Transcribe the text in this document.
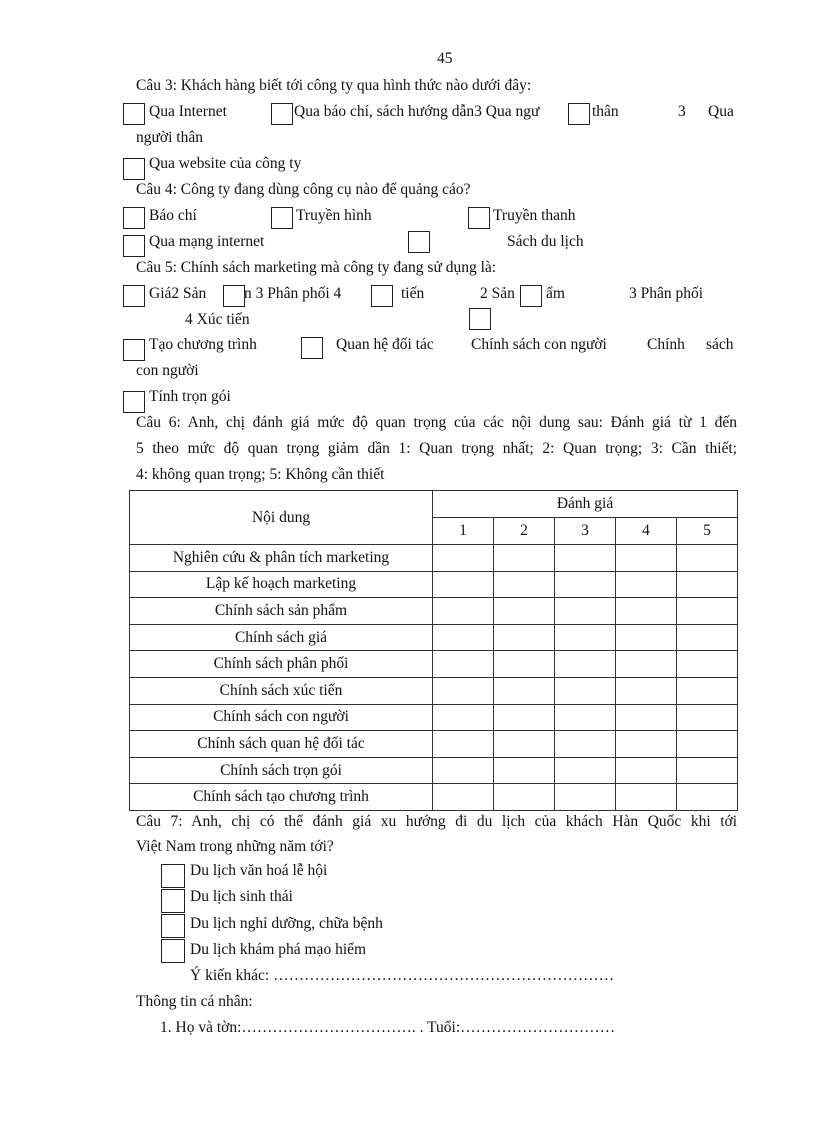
45
Câu 3: Khách hàng biết tới công ty qua hình thức nào dưới đây:
Qua Internet	Qua báo chí, sách hướng dẫn3 Qua ngư	thân	3 Qua
người thân
Qua website của công ty
Câu 4: Công ty đang dùng công cụ nào để quảng cáo?
Báo chí	Truyền hình	Truyền thanh
Qua mạng internet	Sách du lịch
Câu 5: Chính sách marketing mà công ty đang sử dụng là:
Giá2 Sản n 3 Phân phối 4	tiến	2 Sản ẩm	3 Phân phối
4 Xúc tiến
Tạo chương trình	Quan hệ đối tác Chính sách con người	Chính sách
con người
Tính trọn gói
Câu 6: Anh, chị đánh giá mức độ quan trọng của các nội dung sau: Đánh giá từ 1 đến
5 theo mức độ quan trọng giảm dần 1: Quan trọng nhất; 2: Quan trọng; 3: Cần thiết;
4: không quan trọng; 5: Không cần thiết
Nội dung	Đánh giá				
	1	2	3	4	5
Nghiên cứu & phân tích marketing					
Lập kế hoạch marketing					
Chính sách sản phẩm					
Chính sách giá					
Chính sách phân phối					
Chính sách xúc tiến					
Chính sách con người					
Chính sách quan hệ đối tác					
Chính sách trọn gói					
Chính sách tạo chương trình					
Câu 7: Anh, chị có thể đánh giá xu hướng đi du lịch của khách Hàn Quốc khi tới
Việt Nam trong những năm tới?
Du lịch văn hoá lễ hội
Du lịch sinh thái
Du lịch nghỉ dưỡng, chữa bệnh
Du lịch khám phá mạo hiểm
Ý kiến khác: …………………………………………………………
Thông tin cá nhân:
1. Họ và tờn:……………………………. . Tuổi:…………………………
